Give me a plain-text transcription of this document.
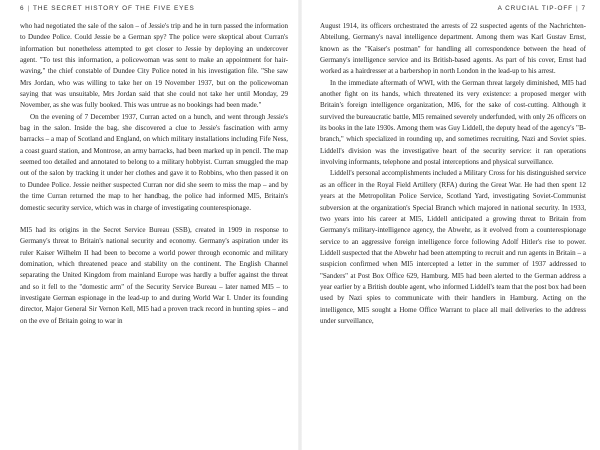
6 | THE SECRET HISTORY OF THE FIVE EYES

who had negotiated the sale of the salon – of Jessie's trip and he in turn passed the information to Dundee Police. Could Jessie be a German spy? The police were skeptical about Curran's information but nonetheless attempted to get closer to Jessie by deploying an undercover agent. "To test this information, a policewoman was sent to make an appointment for hair-waving," the chief constable of Dundee City Police noted in his investigation file. "She saw Mrs Jordan, who was willing to take her on 19 November 1937, but on the policewoman saying that was unsuitable, Mrs Jordan said that she could not take her until Monday, 29 November, as she was fully booked. This was untrue as no bookings had been made."

On the evening of 7 December 1937, Curran acted on a hunch, and went through Jessie's bag in the salon. Inside the bag, she discovered a clue to Jessie's fascination with army barracks – a map of Scotland and England, on which military installations including Fife Ness, a coast guard station, and Montrose, an army barracks, had been marked up in pencil. The map seemed too detailed and annotated to belong to a military hobbyist. Curran smuggled the map out of the salon by tracking it under her clothes and gave it to Robbins, who then passed it on to Dundee Police. Jessie neither suspected Curran nor did she seem to miss the map – and by the time Curran returned the map to her handbag, the police had informed MI5, Britain's domestic security service, which was in charge of investigating counterespionage.

MI5 had its origins in the Secret Service Bureau (SSB), created in 1909 in response to Germany's threat to Britain's national security and economy. Germany's aspiration under its ruler Kaiser Wilhelm II had been to become a world power through economic and military domination, which threatened peace and stability on the continent. The English Channel separating the United Kingdom from mainland Europe was hardly a buffer against the threat and so it fell to the "domestic arm" of the Security Service Bureau – later named MI5 – to investigate German espionage in the lead-up to and during World War I. Under its founding director, Major General Sir Vernon Kell, MI5 had a proven track record in hunting spies – and on the eve of Britain going to war in

A CRUCIAL TIP-OFF | 7

August 1914, its officers orchestrated the arrests of 22 suspected agents of the Nachrichten-Abteilung, Germany's naval intelligence department. Among them was Karl Gustav Ernst, known as the "Kaiser's postman" for handling all correspondence between the head of Germany's intelligence service and its British-based agents. As part of his cover, Ernst had worked as a hairdresser at a barbershop in north London in the lead-up to his arrest.

In the immediate aftermath of WWI, with the German threat largely diminished, MI5 had another fight on its hands, which threatened its very existence: a proposed merger with Britain's foreign intelligence organization, MI6, for the sake of cost-cutting. Although it survived the bureaucratic battle, MI5 remained severely underfunded, with only 26 officers on its books in the late 1930s. Among them was Guy Liddell, the deputy head of the agency's "B-branch," which specialized in rounding up, and sometimes recruiting, Nazi and Soviet spies. Liddell's division was the investigative heart of the security service: it ran operations involving informants, telephone and postal interceptions and physical surveillance.

Liddell's personal accomplishments included a Military Cross for his distinguished service as an officer in the Royal Field Artillery (RFA) during the Great War. He had then spent 12 years at the Metropolitan Police Service, Scotland Yard, investigating Soviet-Communist subversion at the organization's Special Branch which majored in national security. In 1933, two years into his career at MI5, Liddell anticipated a growing threat to Britain from Germany's military-intelligence agency, the Abwehr, as it evolved from a counterespionage service to an aggressive foreign intelligence force following Adolf Hitler's rise to power. Liddell suspected that the Abwehr had been attempting to recruit and run agents in Britain – a suspicion confirmed when MI5 intercepted a letter in the summer of 1937 addressed to "Sanders" at Post Box Office 629, Hamburg. MI5 had been alerted to the German address a year earlier by a British double agent, who informed Liddell's team that the post box had been used by Nazi spies to communicate with their handlers in Hamburg. Acting on the intelligence, MI5 sought a Home Office Warrant to place all mail deliveries to the address under surveillance,
